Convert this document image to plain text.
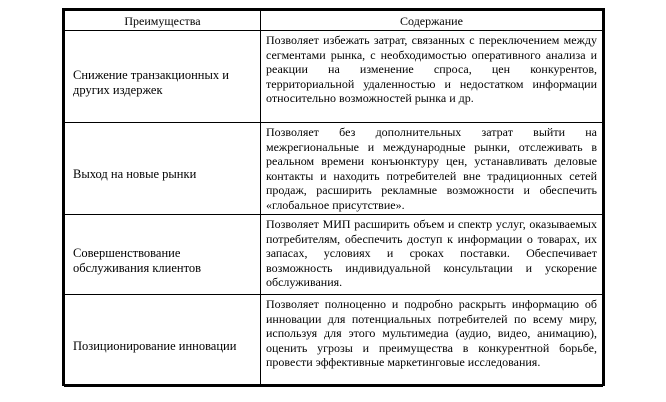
Преимущества	Содержание

Снижение транзакционных и других издержек	Позволяет избежать затрат, связанных с переключением между сегментами рынка, с необходимостью оперативного анализа и реакции на изменение спроса, цен конкурентов, территориальной удаленностью и недостатком информации относительно возможностей рынка и др.

Выход на новые рынки	Позволяет без дополнительных затрат выйти на межрегиональные и международные рынки, отслеживать в реальном времени конъюнктуру цен, устанавливать деловые контакты и находить потребителей вне традиционных сетей продаж, расширить рекламные возможности и обеспечить «глобальное присутствие».

Совершенствование обслуживания клиентов	Позволяет МИП расширить объем и спектр услуг, оказываемых потребителям, обеспечить доступ к информации о товарах, их запасах, условиях и сроках поставки. Обеспечивает возможность индивидуальной консультации и ускорение обслуживания.

Позиционирование инновации	Позволяет полноценно и подробно раскрыть информацию об инновации для потенциальных потребителей по всему миру, используя для этого мультимедиа (аудио, видео, анимацию), оценить угрозы и преимущества в конкурентной борьбе, провести эффективные маркетинговые исследования.
